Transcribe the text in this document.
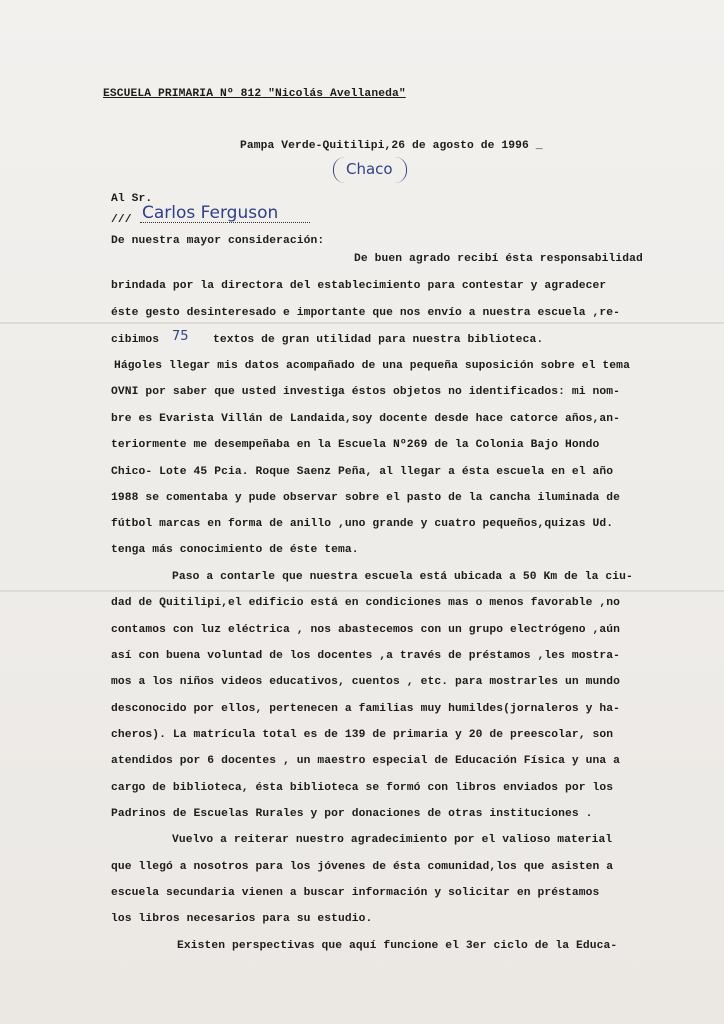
ESCUELA PRIMARIA Nº 812 "Nicolás Avellaneda"
Pampa Verde-Quitilipi,26 de agosto de 1996 _
Chaco
Al Sr.
/// Carlos Ferguson
De nuestra mayor consideración:
cibimos 75
De buen agrado recibí ésta responsabilidad
brindada por la directora del establecimiento para contestar y agradecer
éste gesto desinteresado e importante que nos envío a nuestra escuela ,re-
textos de gran utilidad para nuestra biblioteca.
Hágoles llegar mis datos acompañado de una pequeña suposición sobre el tema
OVNI por saber que usted investiga éstos objetos no identificados: mi nom-
bre es Evarista Villán de Landaida,soy docente desde hace catorce años,an-
teriormente me desempeñaba en la Escuela Nº269 de la Colonia Bajo Hondo
Chico- Lote 45 Pcia. Roque Saenz Peña, al llegar a ésta escuela en el año
1988 se comentaba y pude observar sobre el pasto de la cancha iluminada de
fútbol marcas en forma de anillo ,uno grande y cuatro pequeños,quizas Ud.
tenga más conocimiento de éste tema.
Paso a contarle que nuestra escuela está ubicada a 50 Km de la ciu-
dad de Quitilipi,el edificio está en condiciones mas o menos favorable ,no
contamos con luz eléctrica , nos abastecemos con un grupo electrógeno ,aún
así con buena voluntad de los docentes ,a través de préstamos ,les mostra-
mos a los niños videos educativos, cuentos , etc. para mostrarles un mundo
desconocido por ellos, pertenecen a familias muy humildes(jornaleros y ha-
cheros). La matrícula total es de 139 de primaria y 20 de preescolar, son
atendidos por 6 docentes , un maestro especial de Educación Física y una a
cargo de biblioteca, ésta biblioteca se formó con libros enviados por los
Padrinos de Escuelas Rurales y por donaciones de otras instituciones .
Vuelvo a reiterar nuestro agradecimiento por el valioso material
que llegó a nosotros para los jóvenes de ésta comunidad,los que asisten a
escuela secundaria vienen a buscar información y solicitar en préstamos
los libros necesarios para su estudio.
Existen perspectivas que aquí funcione el 3er ciclo de la Educa-
